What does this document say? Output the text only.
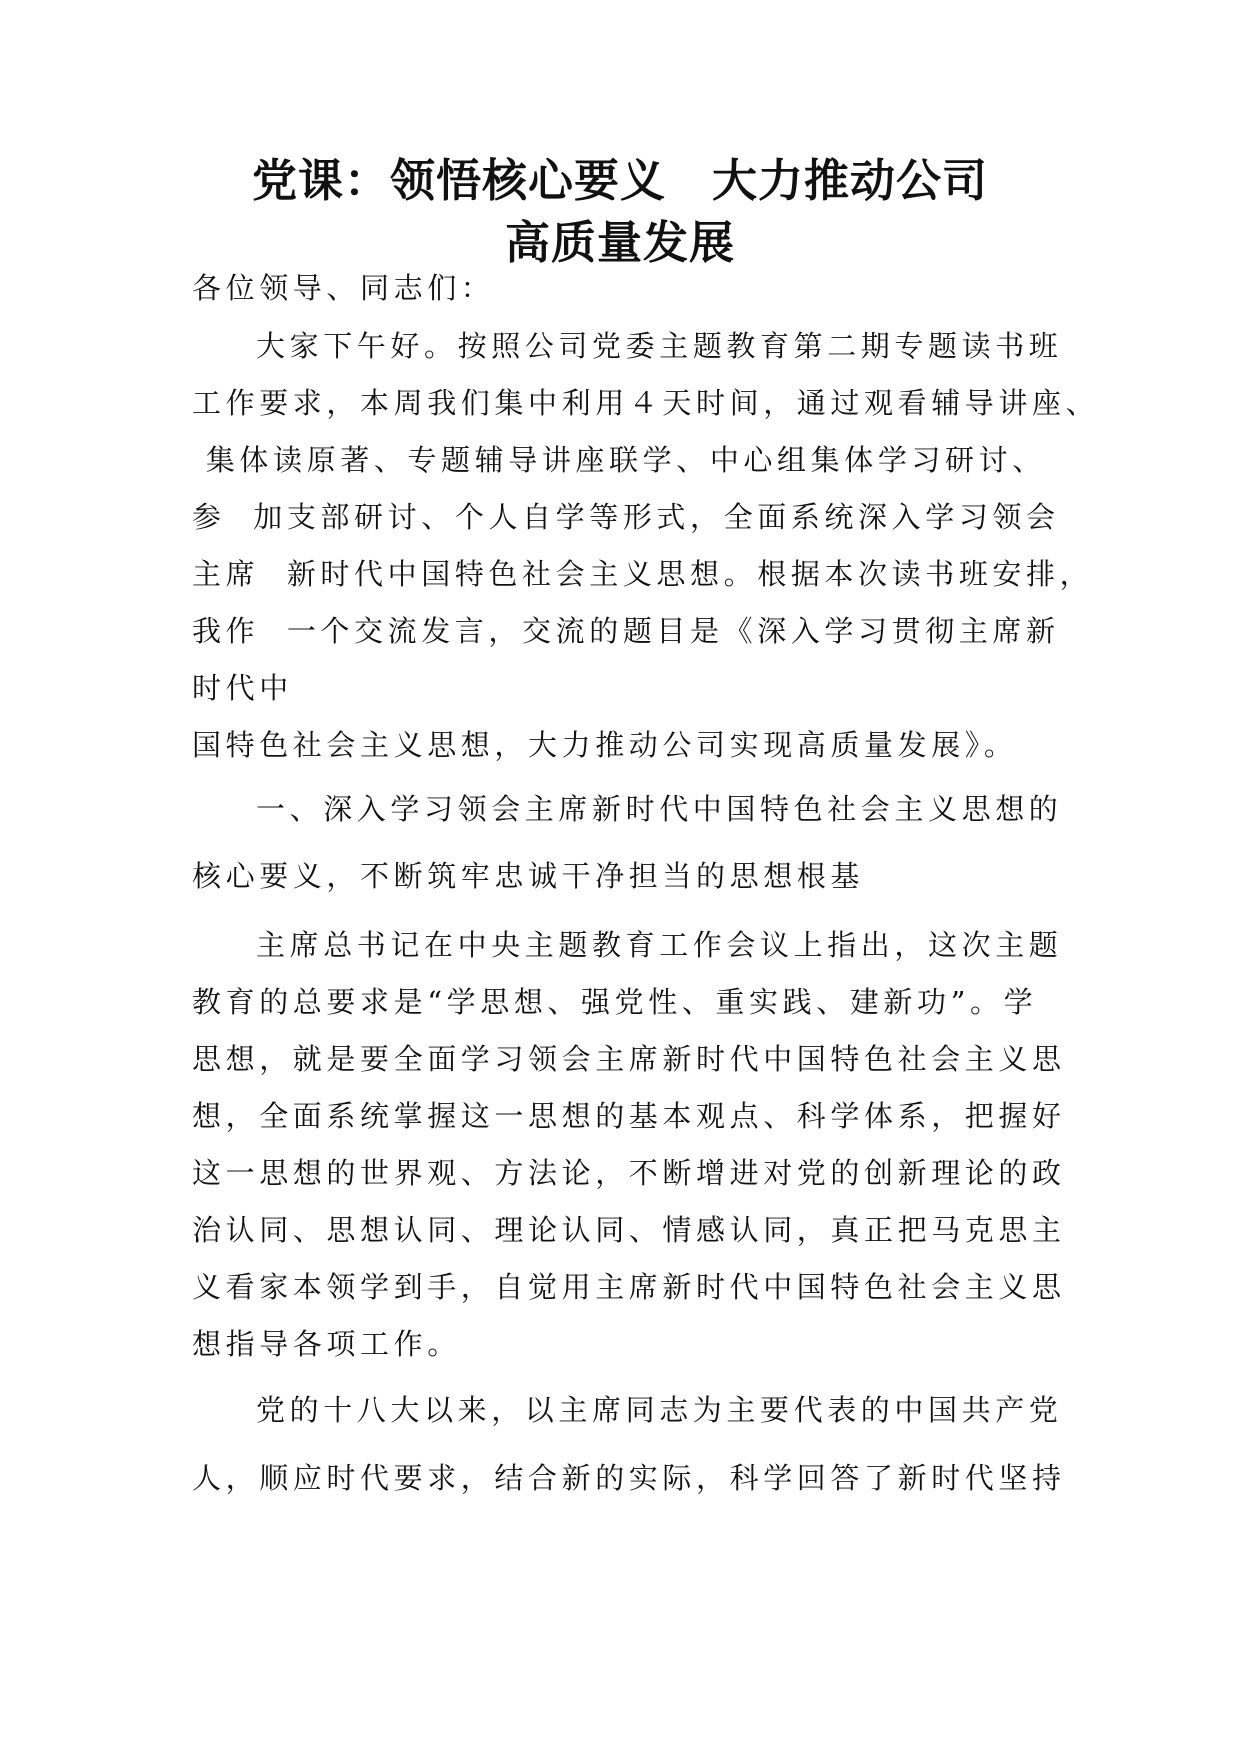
党课：领悟核心要义　大力推动公司
高质量发展
各位领导、同志们：
大家下午好。按照公司党委主题教育第二期专题读书班
工作要求，本周我们集中利用４天时间，通过观看辅导讲座、
集体读原著、专题辅导讲座联学、中心组集体学习研讨、
参  加支部研讨、个人自学等形式，全面系统深入学习领会
主席  新时代中国特色社会主义思想。根据本次读书班安排，
我作  一个交流发言，交流的题目是《深入学习贯彻主席新
时代中
国特色社会主义思想，大力推动公司实现高质量发展》。
一、深入学习领会主席新时代中国特色社会主义思想的
核心要义，不断筑牢忠诚干净担当的思想根基
主席总书记在中央主题教育工作会议上指出，这次主题
教育的总要求是“学思想、强党性、重实践、建新功”。学
思想，就是要全面学习领会主席新时代中国特色社会主义思
想，全面系统掌握这一思想的基本观点、科学体系，把握好
这一思想的世界观、方法论，不断增进对党的创新理论的政
治认同、思想认同、理论认同、情感认同，真正把马克思主
义看家本领学到手，自觉用主席新时代中国特色社会主义思
想指导各项工作。
党的十八大以来，以主席同志为主要代表的中国共产党
人，顺应时代要求，结合新的实际，科学回答了新时代坚持
